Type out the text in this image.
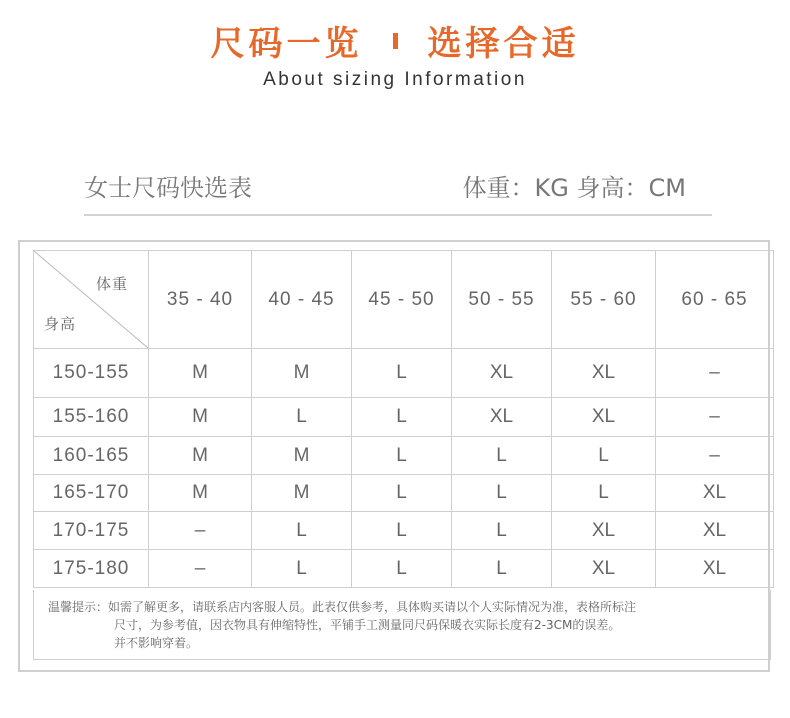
尺码一览 选择合适
About sizing Information
女士尺码快选表	体重：KG 身高：CM
体重
身高	35 - 40	40 - 45	45 - 50	50 - 55	55 - 60	60 - 65
150-155	M	M	L	XL	XL	–
155-160	M	L	L	XL	XL	–
160-165	M	M	L	L	L	–
165-170	M	M	L	L	L	XL
170-175	–	L	L	L	XL	XL
175-180	–	L	L	L	XL	XL
温馨提示：如需了解更多，请联系店内客服人员。此表仅供参考，具体购买请以个人实际情况为准，表格所标注
尺寸，为参考值，因衣物具有伸缩特性，平铺手工测量同尺码保暖衣实际长度有2-3CM的误差。
并不影响穿着。
